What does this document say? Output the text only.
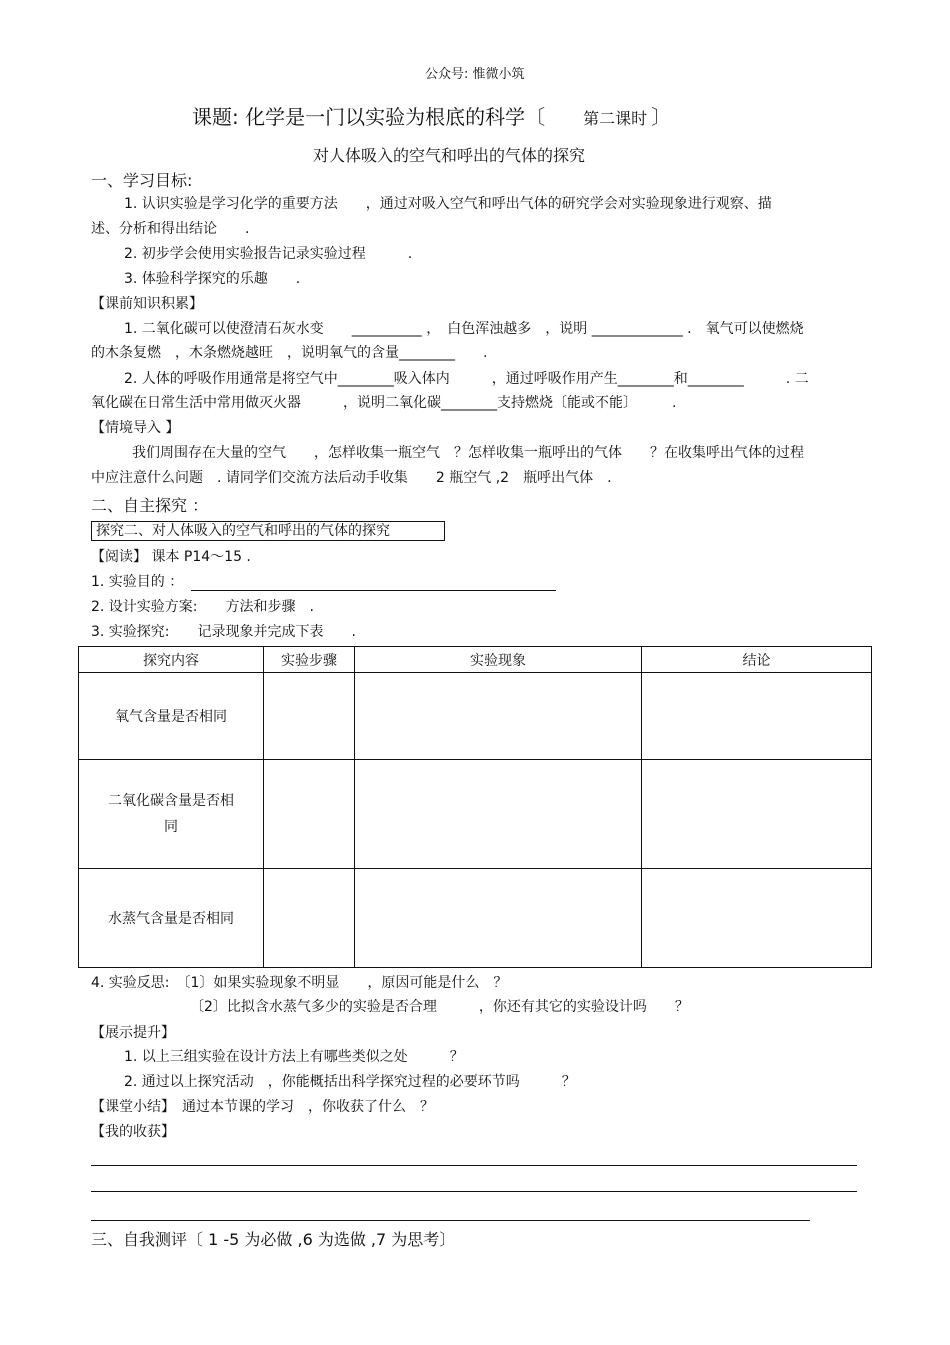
公众号: 惟微小筑
课题: 化学是一门以实验为根底的科学〔 第二课时 〕
对人体吸入的空气和呼出的气体的探究
一、学习目标:
1. 认识实验是学习化学的重要方法　　，通过对吸入空气和呼出气体的研究学会对实验现象进行观察、描
述、分析和得出结论　　.
2. 初步学会使用实验报告记录实验过程　　　.
3. 体验科学探究的乐趣　　.
【课前知识积累】
1. 二氧化碳可以使澄清石灰水变　　__________ ，　白色浑浊越多　，说明 _____________ .　氧气可以使燃烧
的木条复燃　，木条燃烧越旺　，说明氧气的含量________　　.
2. 人体的呼吸作用通常是将空气中________吸入体内　　　，通过呼吸作用产生________和________　　　. 二
氧化碳在日常生活中常用做灭火器　　　，说明二氧化碳________支持燃烧〔能或不能〕　　　.
【情境导入 】
我们周围存在大量的空气　　，怎样收集一瓶空气　？怎样收集一瓶呼出的气体　　？在收集呼出气体的过程
中应注意什么问题　. 请同学们交流方法后动手收集　　2 瓶空气 ,2　瓶呼出气体　.
二、自主探究 ：
探究二、对人体吸入的空气和呼出的气体的探究
【阅读】 课本 P14～15 .
1. 实验目的 ：
2. 设计实验方案:　　方法和步骤　.
3. 实验探究:　　记录现象并完成下表　　.
探究内容	实验步骤	实验现象	结论
氧气含量是否相同			
二氧化碳含量是否相
同			
水蒸气含量是否相同			
4. 实验反思:　〔1〕如果实验现象不明显　　，原因可能是什么　？
〔2〕比拟含水蒸气多少的实验是否合理　　　，你还有其它的实验设计吗　　？
【展示提升】
1. 以上三组实验在设计方法上有哪些类似之处　　　？
2. 通过以上探究活动　，你能概括出科学探究过程的必要环节吗　　　？
【课堂小结】　通过本节课的学习　，你收获了什么　？
【我的收获】
三、自我测评〔 1 -5 为必做 ,6 为选做 ,7 为思考〕
